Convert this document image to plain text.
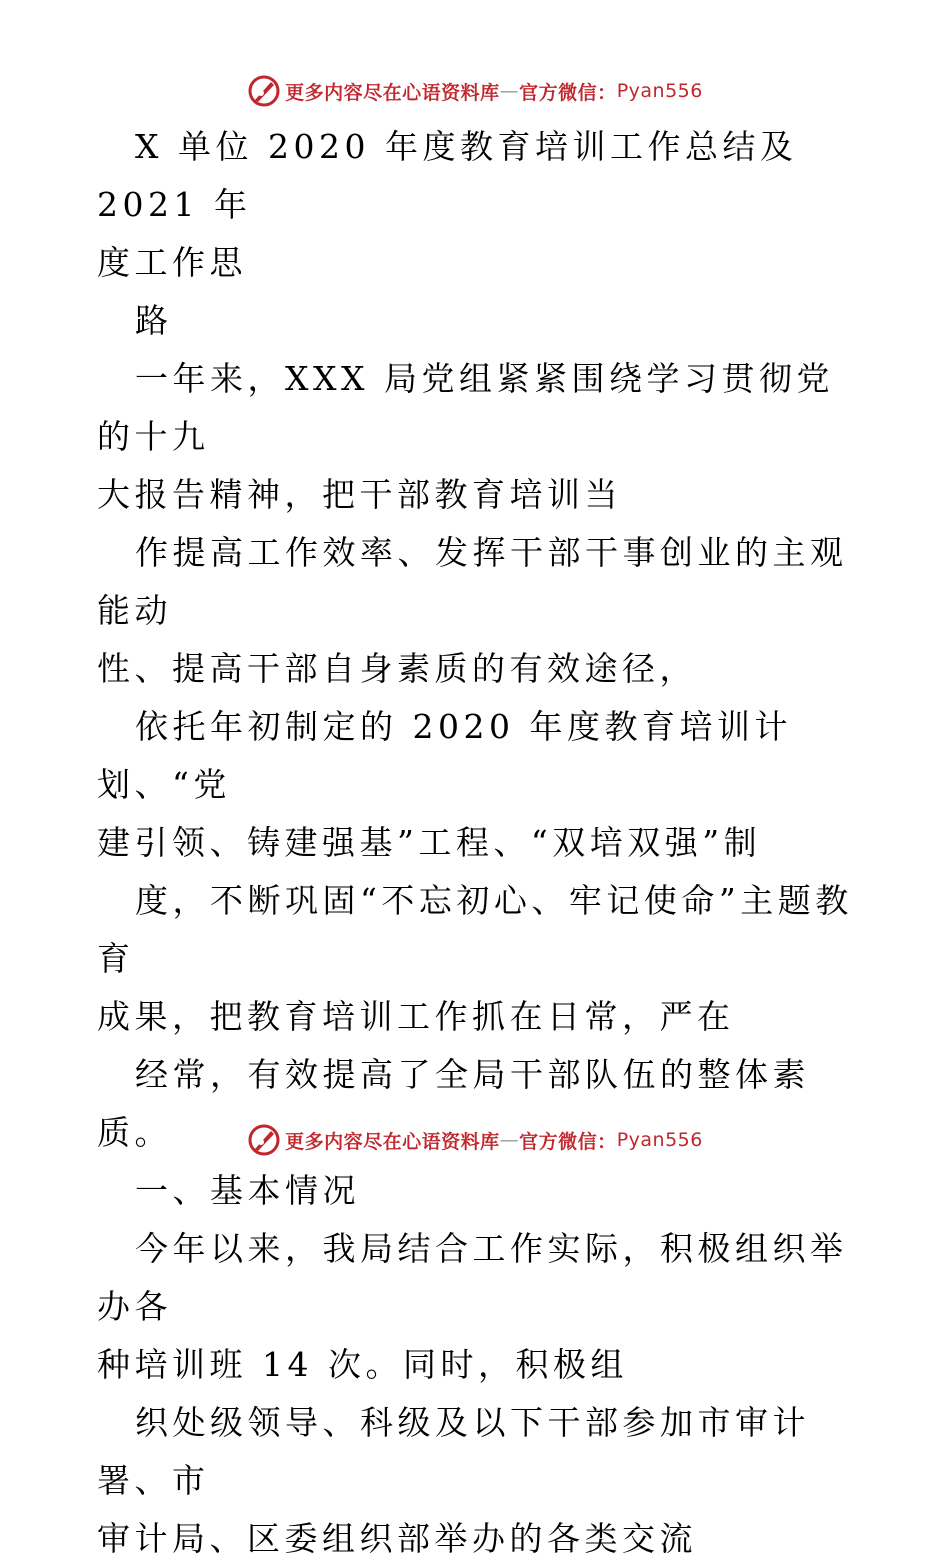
更多内容尽在心语资料库 — 官方微信： Pyan556

X 单位 2020 年度教育培训工作总结及 2021 年
度工作思

路

一年来，XXX 局党组紧紧围绕学习贯彻党的十九
大报告精神，把干部教育培训当

作提高工作效率、发挥干部干事创业的主观能动
性、提高干部自身素质的有效途径，

依托年初制定的 2020 年度教育培训计划、“党
建引领、铸建强基”工程、“双培双强”制

度，不断巩固“不忘初心、牢记使命”主题教育
成果，把教育培训工作抓在日常，严在

经常，有效提高了全局干部队伍的整体素质。

一、基本情况

今年以来，我局结合工作实际，积极组织举办各
种培训班 14 次。同时，积极组

织处级领导、科级及以下干部参加市审计署、市
审计局、区委组织部举办的各类交流

更多内容尽在心语资料库 — 官方微信： Pyan556
